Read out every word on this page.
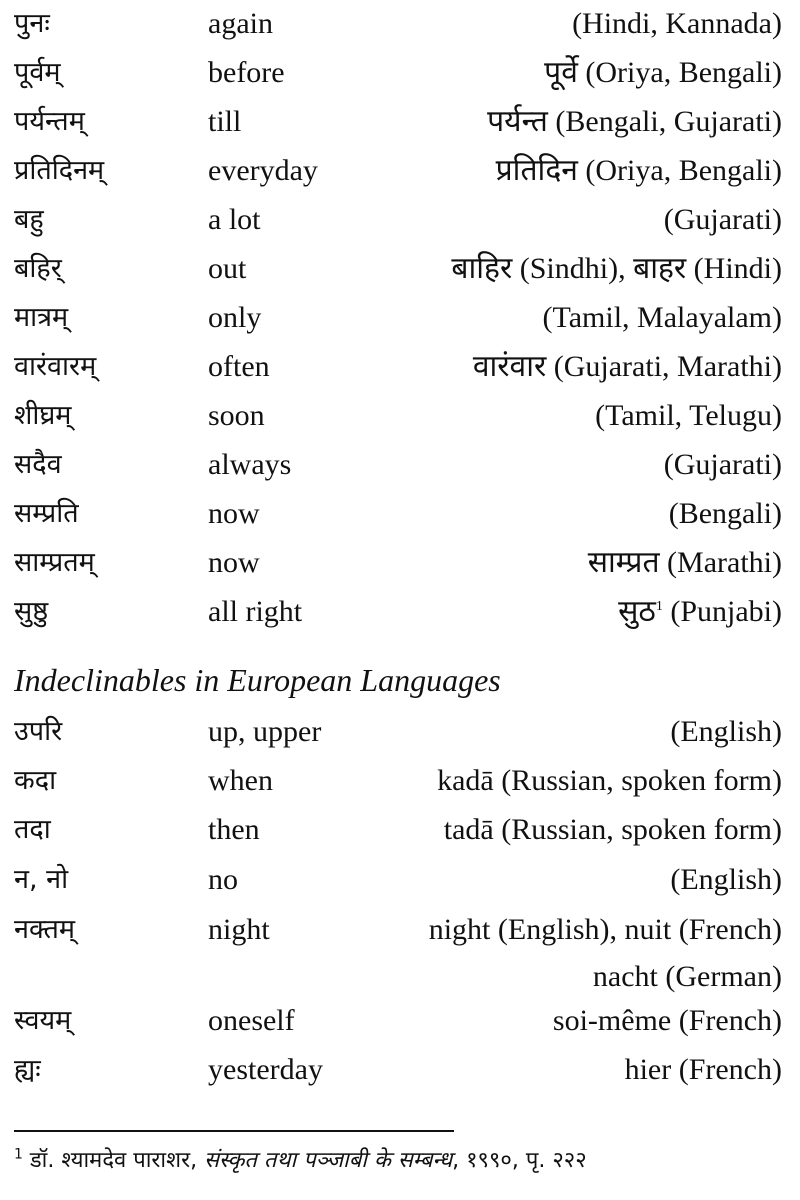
पुनः	again	(Hindi, Kannada)
पूर्वम्	before	पूर्वे (Oriya, Bengali)
पर्यन्तम्	till	पर्यन्त (Bengali, Gujarati)
प्रतिदिनम्	everyday	प्रतिदिन (Oriya, Bengali)
बहु	a lot	(Gujarati)
बहिर्	out	बाहिर (Sindhi), बाहर (Hindi)
मात्रम्	only	(Tamil, Malayalam)
वारंवारम्	often	वारंवार (Gujarati, Marathi)
शीघ्रम्	soon	(Tamil, Telugu)
सदैव	always	(Gujarati)
सम्प्रति	now	(Bengali)
साम्प्रतम्	now	साम्प्रत (Marathi)
सुष्ठु	all right	सुठ$^1$ (Punjabi)
Indeclinables in European Languages
उपरि	up, upper	(English)
कदा	when	kadā (Russian, spoken form)
तदा	then	tadā (Russian, spoken form)
न, नो	no	(English)
नक्तम्	night	night (English), nuit (French)
nacht (German)
स्वयम्	oneself	soi-même (French)
ह्यः	yesterday	hier (French)
$^1$ डॉ. श्यामदेव पाराशर, संस्कृत तथा पञ्जाबी के सम्बन्ध, १९९०, पृ. २२२
